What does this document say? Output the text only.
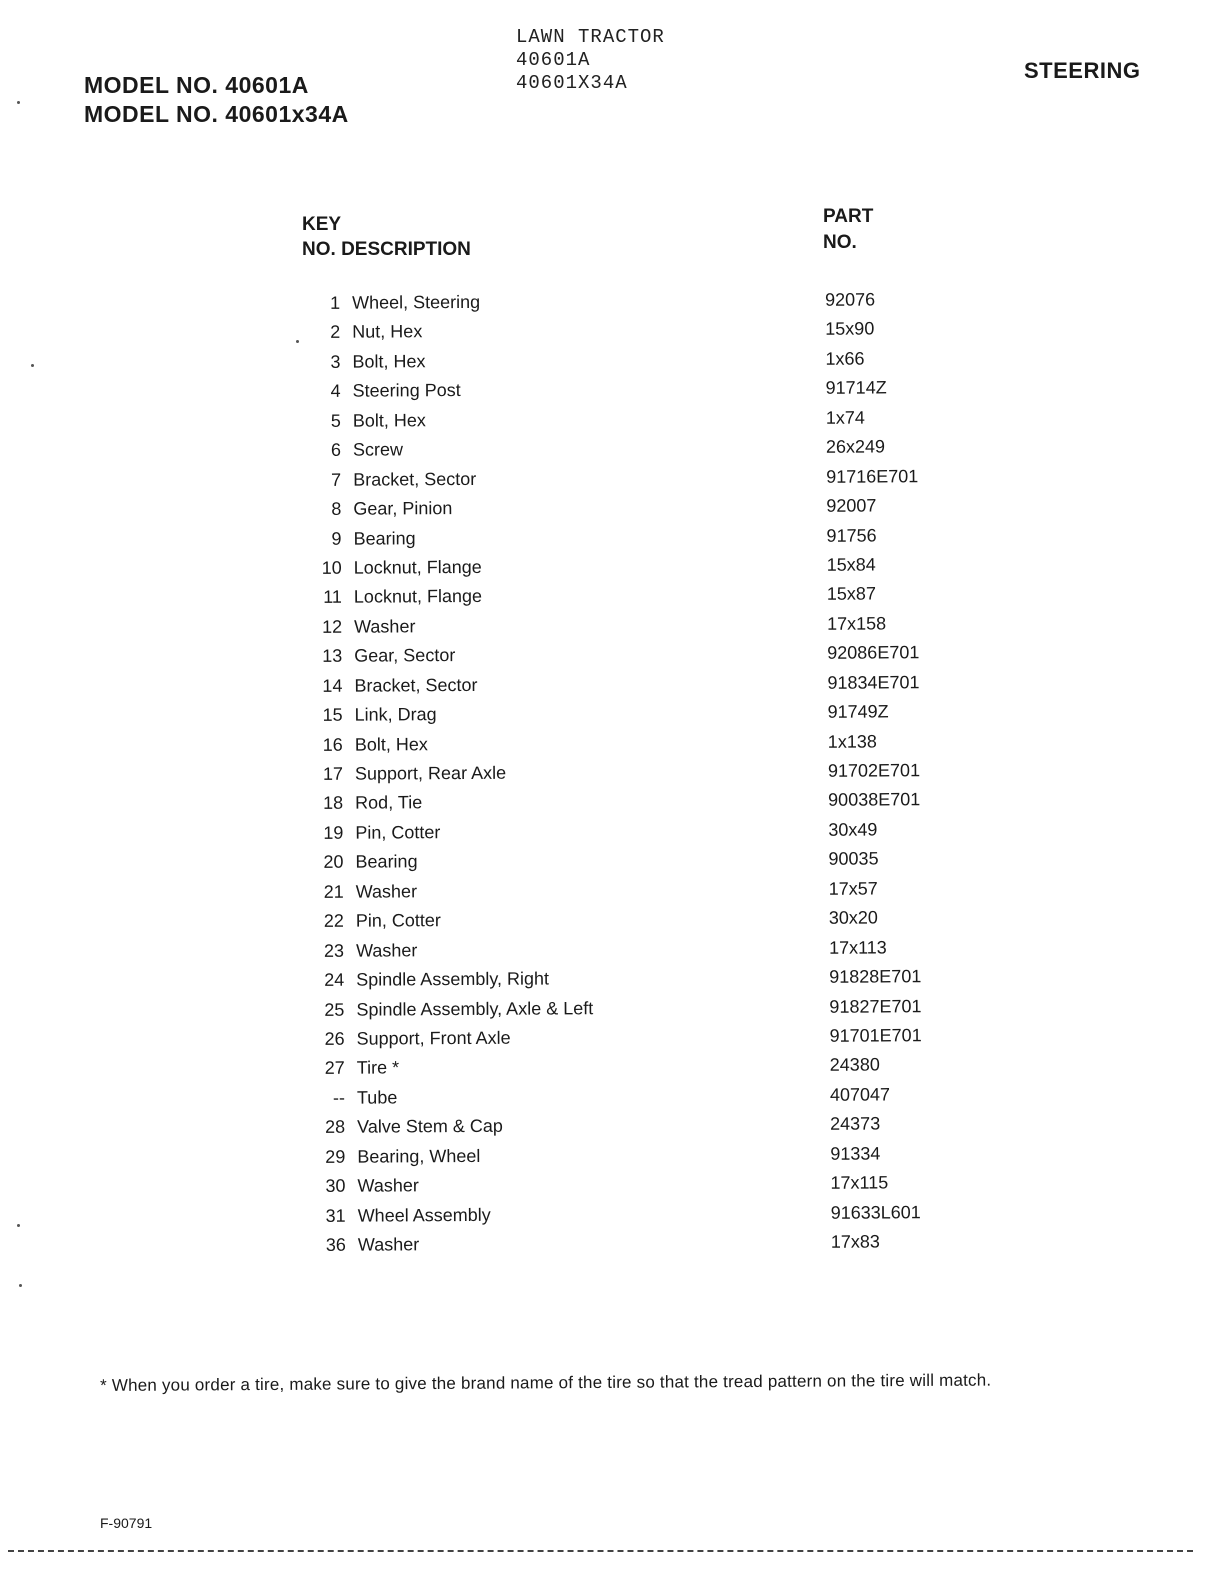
LAWN TRACTOR
40601A
40601X34A
MODEL NO. 40601A
MODEL NO. 40601x34A
STEERING
KEY
NO. DESCRIPTION
PART
NO.
1 Wheel, Steering	92076
2 Nut, Hex	15x90
3 Bolt, Hex	1x66
4 Steering Post	91714Z
5 Bolt, Hex	1x74
6 Screw	26x249
7 Bracket, Sector	91716E701
8 Gear, Pinion	92007
9 Bearing	91756
10 Locknut, Flange	15x84
11 Locknut, Flange	15x87
12 Washer	17x158
13 Gear, Sector	92086E701
14 Bracket, Sector	91834E701
15 Link, Drag	91749Z
16 Bolt, Hex	1x138
17 Support, Rear Axle	91702E701
18 Rod, Tie	90038E701
19 Pin, Cotter	30x49
20 Bearing	90035
21 Washer	17x57
22 Pin, Cotter	30x20
23 Washer	17x113
24 Spindle Assembly, Right	91828E701
25 Spindle Assembly, Axle & Left	91827E701
26 Support, Front Axle	91701E701
27 Tire *	24380
-- Tube	407047
28 Valve Stem & Cap	24373
29 Bearing, Wheel	91334
30 Washer	17x115
31 Wheel Assembly	91633L601
36 Washer	17x83
* When you order a tire, make sure to give the brand name of the tire so that the tread pattern on the tire will match.
F-90791
